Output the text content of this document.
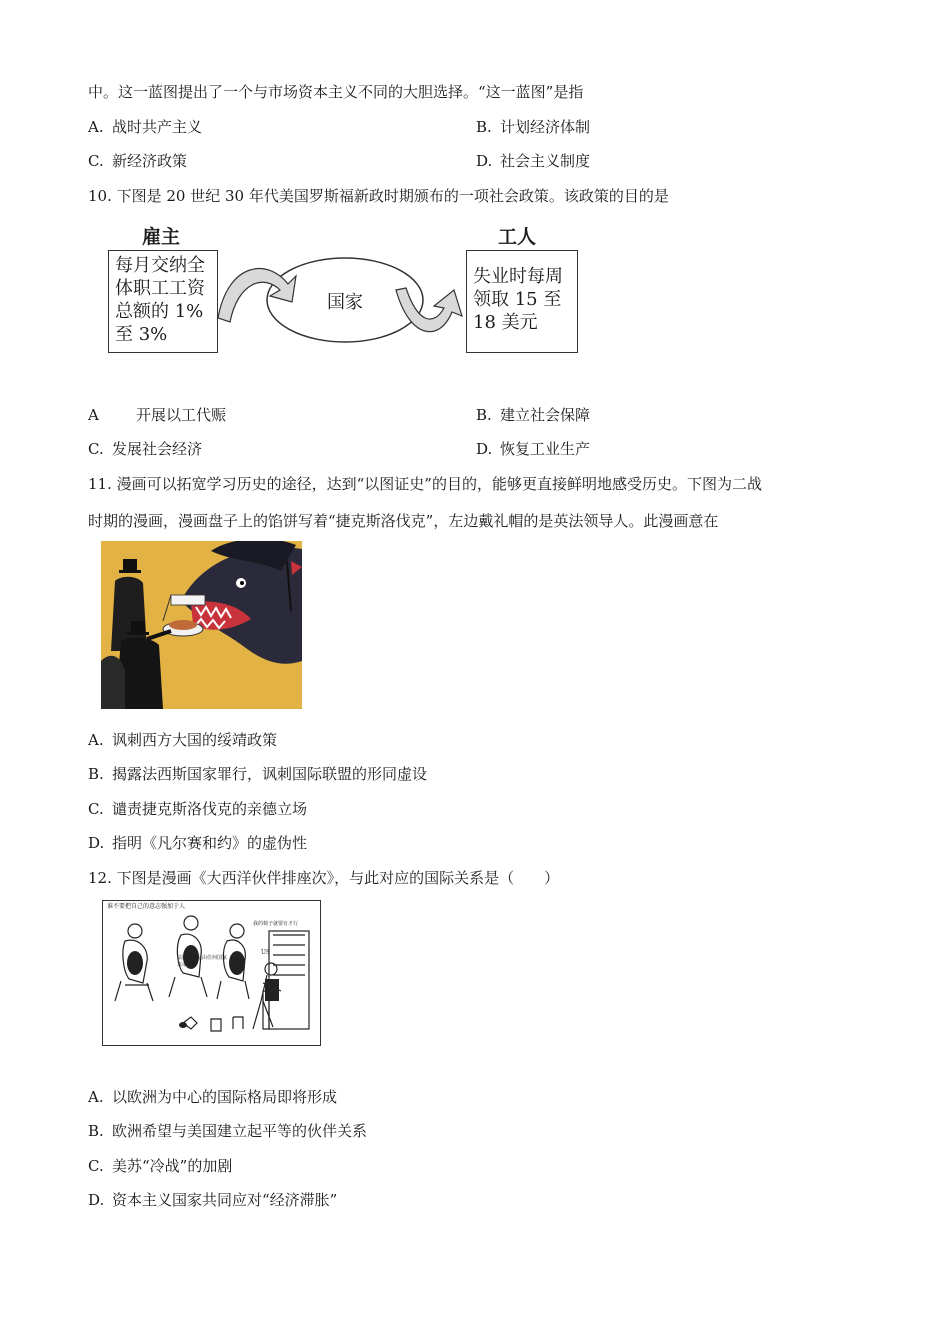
中。这一蓝图提出了一个与市场资本主义不同的大胆选择。“这一蓝图”是指
A. 战时共产主义	B. 计划经济体制
C. 新经济政策	D. 社会主义制度
10. 下图是 20 世纪 30 年代美国罗斯福新政时期颁布的一项社会政策。该政策的目的是
雇主	工人
每月交纳全
体职工工资
总额的 1%
至 3%
国家
失业时每周
领取 15 至
18 美元
A 开展以工代赈	B. 建立社会保障
C. 发展社会经济	D. 恢复工业生产
11. 漫画可以拓宽学习历史的途径，达到“以图证史”的目的，能够更直接鲜明地感受历史。下图为二战
时期的漫画，漫画盘子上的馅饼写着“捷克斯洛伐克”，左边戴礼帽的是英法领导人。此漫画意在
A. 讽刺西方大国的绥靖政策
B. 揭露法西斯国家罪行，讽刺国际联盟的形同虚设
C. 谴责捷克斯洛伐克的亲德立场
D. 指明《凡尔赛和约》的虚伪性
12. 下图是漫画《大西洋伙伴排座次》，与此对应的国际关系是（　　）
谁不要把自己的意志强加于人
我的椅子就要有才行
法国并不是由任何国家来命令的
US
A. 以欧洲为中心的国际格局即将形成
B. 欧洲希望与美国建立起平等的伙伴关系
C. 美苏“冷战”的加剧
D. 资本主义国家共同应对“经济滞胀”
